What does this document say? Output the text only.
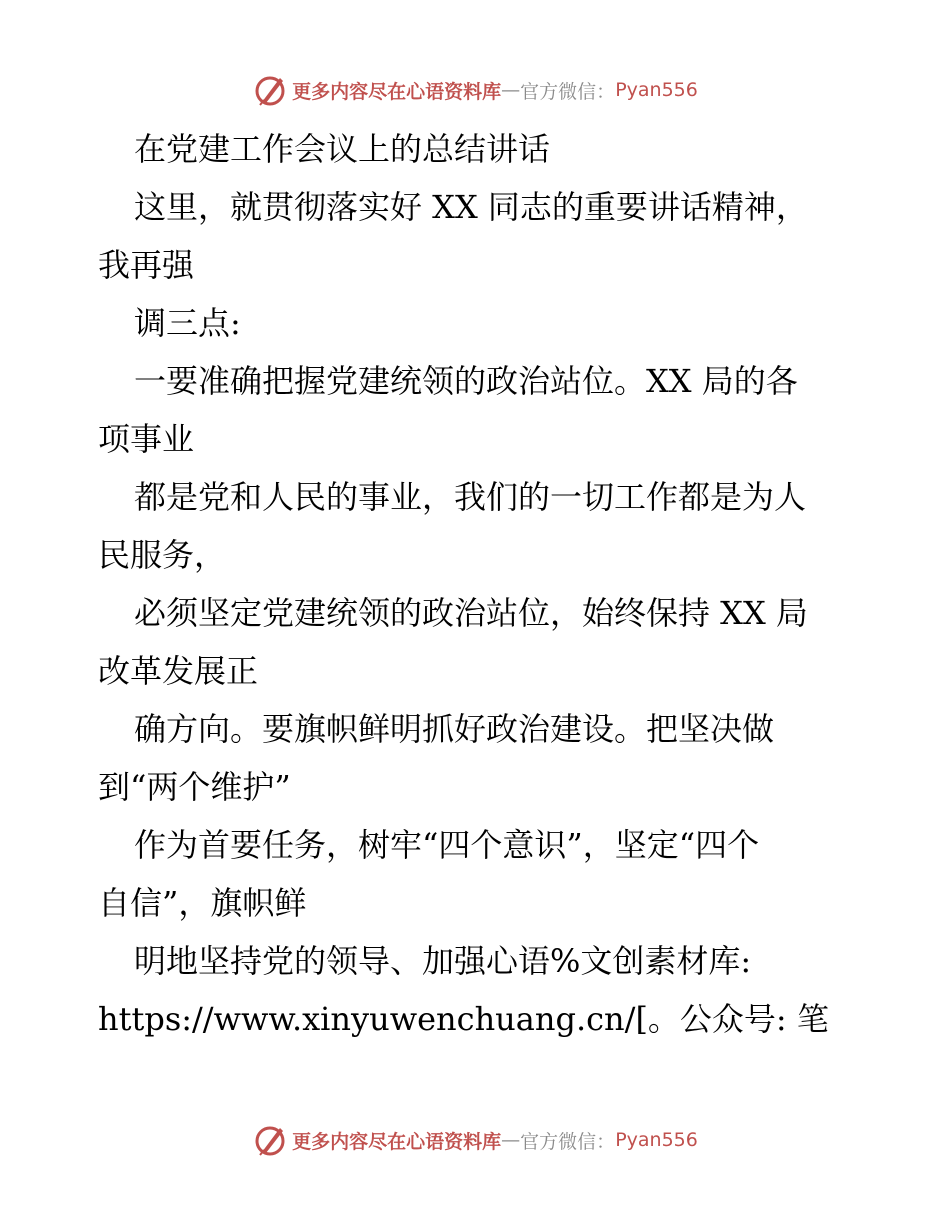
更多内容尽在心语资料库 — 官方微信： Pyan556
在党建工作会议上的总结讲话
这里，就贯彻落实好 XX 同志的重要讲话精神，
我再强
调三点:
一要准确把握党建统领的政治站位。XX 局的各
项事业
都是党和人民的事业，我们的一切工作都是为人
民服务，
必须坚定党建统领的政治站位，始终保持 XX 局
改革发展正
确方向。要旗帜鲜明抓好政治建设。把坚决做
到“两个维护”
作为首要任务，树牢“四个意识”，坚定“四个
自信”，旗帜鲜
明地坚持党的领导、加强心语%文创素材库:
https://www.xinyuwenchuang.cn/[。公众号: 笔
更多内容尽在心语资料库 — 官方微信： Pyan556
